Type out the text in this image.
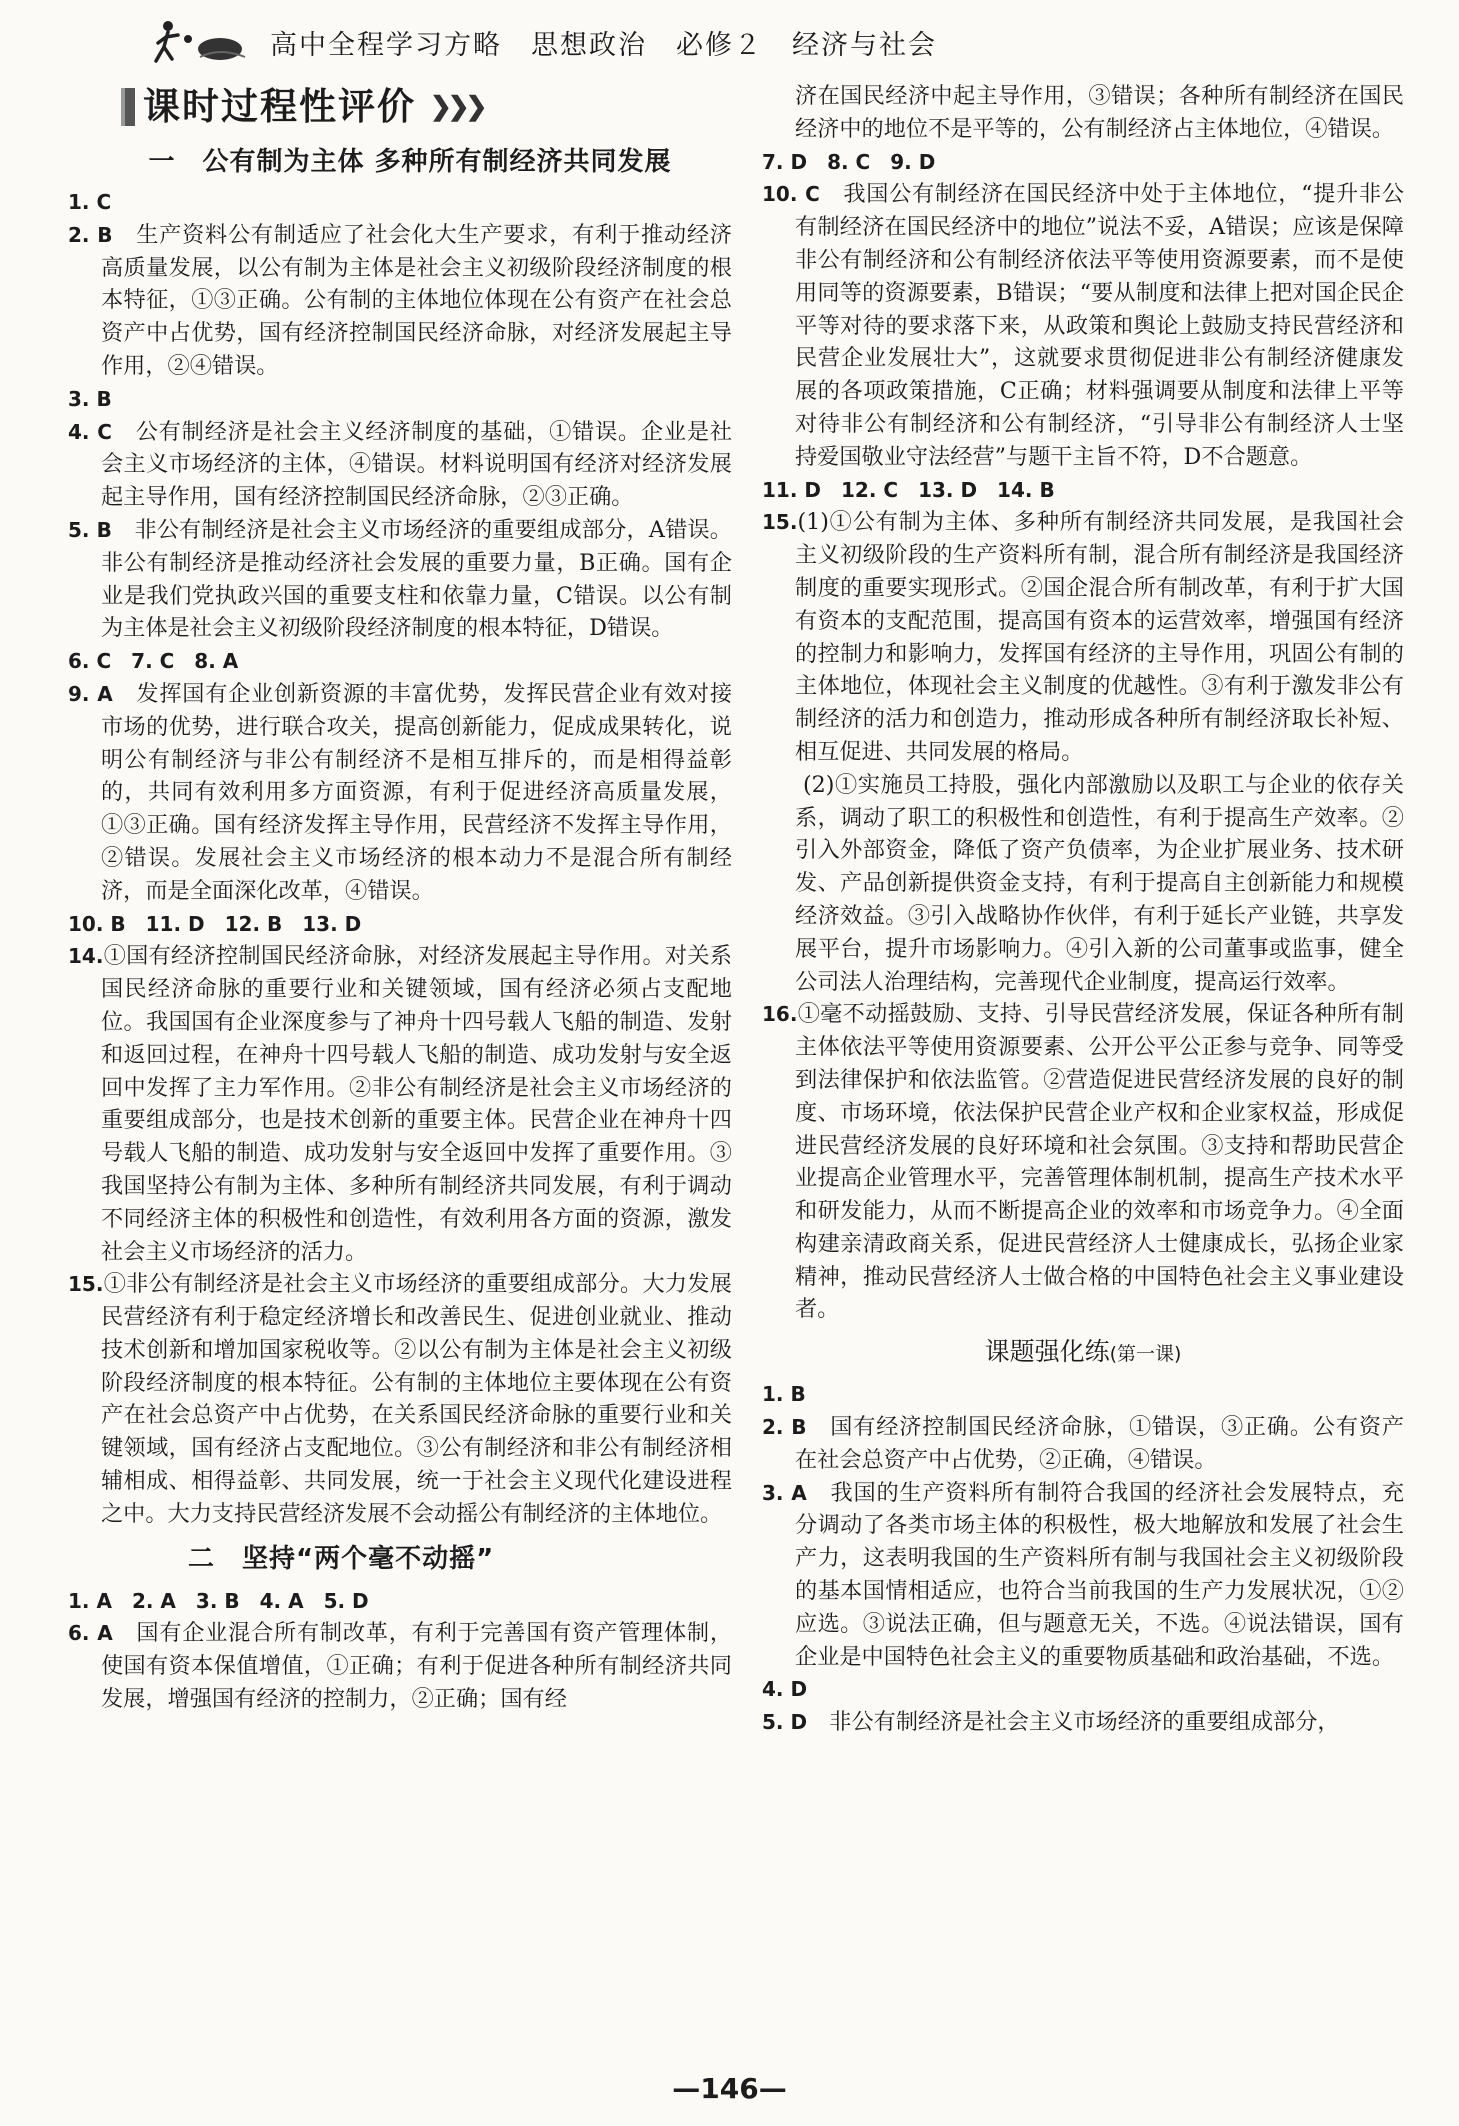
高中全程学习方略　思想政治　必修２　经济与社会
课时过程性评价 ❯❯❯
一　公有制为主体 多种所有制经济共同发展

1. C　

2. B　 生产资料公有制适应了社会化大生产要求，有利于推动经济高质量发展，以公有制为主体是社会主义初级阶段经济制度的根本特征，①③正确。公有制的主体地位体现在公有资产在社会总资产中占优势，国有经济控制国民经济命脉，对经济发展起主导作用，②④错误。

3. B　

4. C　 公有制经济是社会主义经济制度的基础，①错误。企业是社会主义市场经济的主体，④错误。材料说明国有经济对经济发展起主导作用，国有经济控制国民经济命脉，②③正确。

5. B　 非公有制经济是社会主义市场经济的重要组成部分，A错误。非公有制经济是推动经济社会发展的重要力量，B正确。国有企业是我们党执政兴国的重要支柱和依靠力量，C错误。以公有制为主体是社会主义初级阶段经济制度的根本特征，D错误。

6. C　7. C　8. A

9. A　 发挥国有企业创新资源的丰富优势，发挥民营企业有效对接市场的优势，进行联合攻关，提高创新能力，促成成果转化，说明公有制经济与非公有制经济不是相互排斥的，而是相得益彰的，共同有效利用多方面资源，有利于促进经济高质量发展，①③正确。国有经济发挥主导作用，民营经济不发挥主导作用，②错误。发展社会主义市场经济的根本动力不是混合所有制经济，而是全面深化改革，④错误。

10. B　11. D　12. B　13. D

14.①国有经济控制国民经济命脉，对经济发展起主导作用。对关系国民经济命脉的重要行业和关键领域，国有经济必须占支配地位。我国国有企业深度参与了神舟十四号载人飞船的制造、发射和返回过程，在神舟十四号载人飞船的制造、成功发射与安全返回中发挥了主力军作用。②非公有制经济是社会主义市场经济的重要组成部分，也是技术创新的重要主体。民营企业在神舟十四号载人飞船的制造、成功发射与安全返回中发挥了重要作用。③我国坚持公有制为主体、多种所有制经济共同发展，有利于调动不同经济主体的积极性和创造性，有效利用各方面的资源，激发社会主义市场经济的活力。

15.①非公有制经济是社会主义市场经济的重要组成部分。大力发展民营经济有利于稳定经济增长和改善民生、促进创业就业、推动技术创新和增加国家税收等。②以公有制为主体是社会主义初级阶段经济制度的根本特征。公有制的主体地位主要体现在公有资产在社会总资产中占优势，在关系国民经济命脉的重要行业和关键领域，国有经济占支配地位。③公有制经济和非公有制经济相辅相成、相得益彰、共同发展，统一于社会主义现代化建设进程之中。大力支持民营经济发展不会动摇公有制经济的主体地位。

二　坚持“两个毫不动摇”

1. A　2. A　3. B　4. A　5. D

6. A　 国有企业混合所有制改革，有利于完善国有资产管理体制，使国有资本保值增值，①正确；有利于促进各种所有制经济共同发展，增强国有经济的控制力，②正确；国有经

济在国民经济中起主导作用，③错误；各种所有制经济在国民经济中的地位不是平等的，公有制经济占主体地位，④错误。

7. D　8. C　9. D

10. C　 我国公有制经济在国民经济中处于主体地位，“提升非公有制经济在国民经济中的地位”说法不妥，A错误；应该是保障非公有制经济和公有制经济依法平等使用资源要素，而不是使用同等的资源要素，B错误；“要从制度和法律上把对国企民企平等对待的要求落下来，从政策和舆论上鼓励支持民营经济和民营企业发展壮大”，这就要求贯彻促进非公有制经济健康发展的各项政策措施，C正确；材料强调要从制度和法律上平等对待非公有制经济和公有制经济，“引导非公有制经济人士坚持爱国敬业守法经营”与题干主旨不符，D不合题意。

11. D　12. C　13. D　14. B

15.(1)①公有制为主体、多种所有制经济共同发展，是我国社会主义初级阶段的生产资料所有制，混合所有制经济是我国经济制度的重要实现形式。②国企混合所有制改革，有利于扩大国有资本的支配范围，提高国有资本的运营效率，增强国有经济的控制力和影响力，发挥国有经济的主导作用，巩固公有制的主体地位，体现社会主义制度的优越性。③有利于激发非公有制经济的活力和创造力，推动形成各种所有制经济取长补短、相互促进、共同发展的格局。

(2)①实施员工持股，强化内部激励以及职工与企业的依存关系，调动了职工的积极性和创造性，有利于提高生产效率。②引入外部资金，降低了资产负债率，为企业扩展业务、技术研发、产品创新提供资金支持，有利于提高自主创新能力和规模经济效益。③引入战略协作伙伴，有利于延长产业链，共享发展平台，提升市场影响力。④引入新的公司董事或监事，健全公司法人治理结构，完善现代企业制度，提高运行效率。

16.①毫不动摇鼓励、支持、引导民营经济发展，保证各种所有制主体依法平等使用资源要素、公开公平公正参与竞争、同等受到法律保护和依法监管。②营造促进民营经济发展的良好的制度、市场环境，依法保护民营企业产权和企业家权益，形成促进民营经济发展的良好环境和社会氛围。③支持和帮助民营企业提高企业管理水平，完善管理体制机制，提高生产技术水平和研发能力，从而不断提高企业的效率和市场竞争力。④全面构建亲清政商关系，促进民营经济人士健康成长，弘扬企业家精神，推动民营经济人士做合格的中国特色社会主义事业建设者。

课题强化练(第一课)

1. B

2. B　 国有经济控制国民经济命脉，①错误，③正确。公有资产在社会总资产中占优势，②正确，④错误。

3. A　 我国的生产资料所有制符合我国的经济社会发展特点，充分调动了各类市场主体的积极性，极大地解放和发展了社会生产力，这表明我国的生产资料所有制与我国社会主义初级阶段的基本国情相适应，也符合当前我国的生产力发展状况，①②应选。③说法正确，但与题意无关，不选。④说法错误，国有企业是中国特色社会主义的重要物质基础和政治基础，不选。

4. D

5. D　 非公有制经济是社会主义市场经济的重要组成部分，

—146—
